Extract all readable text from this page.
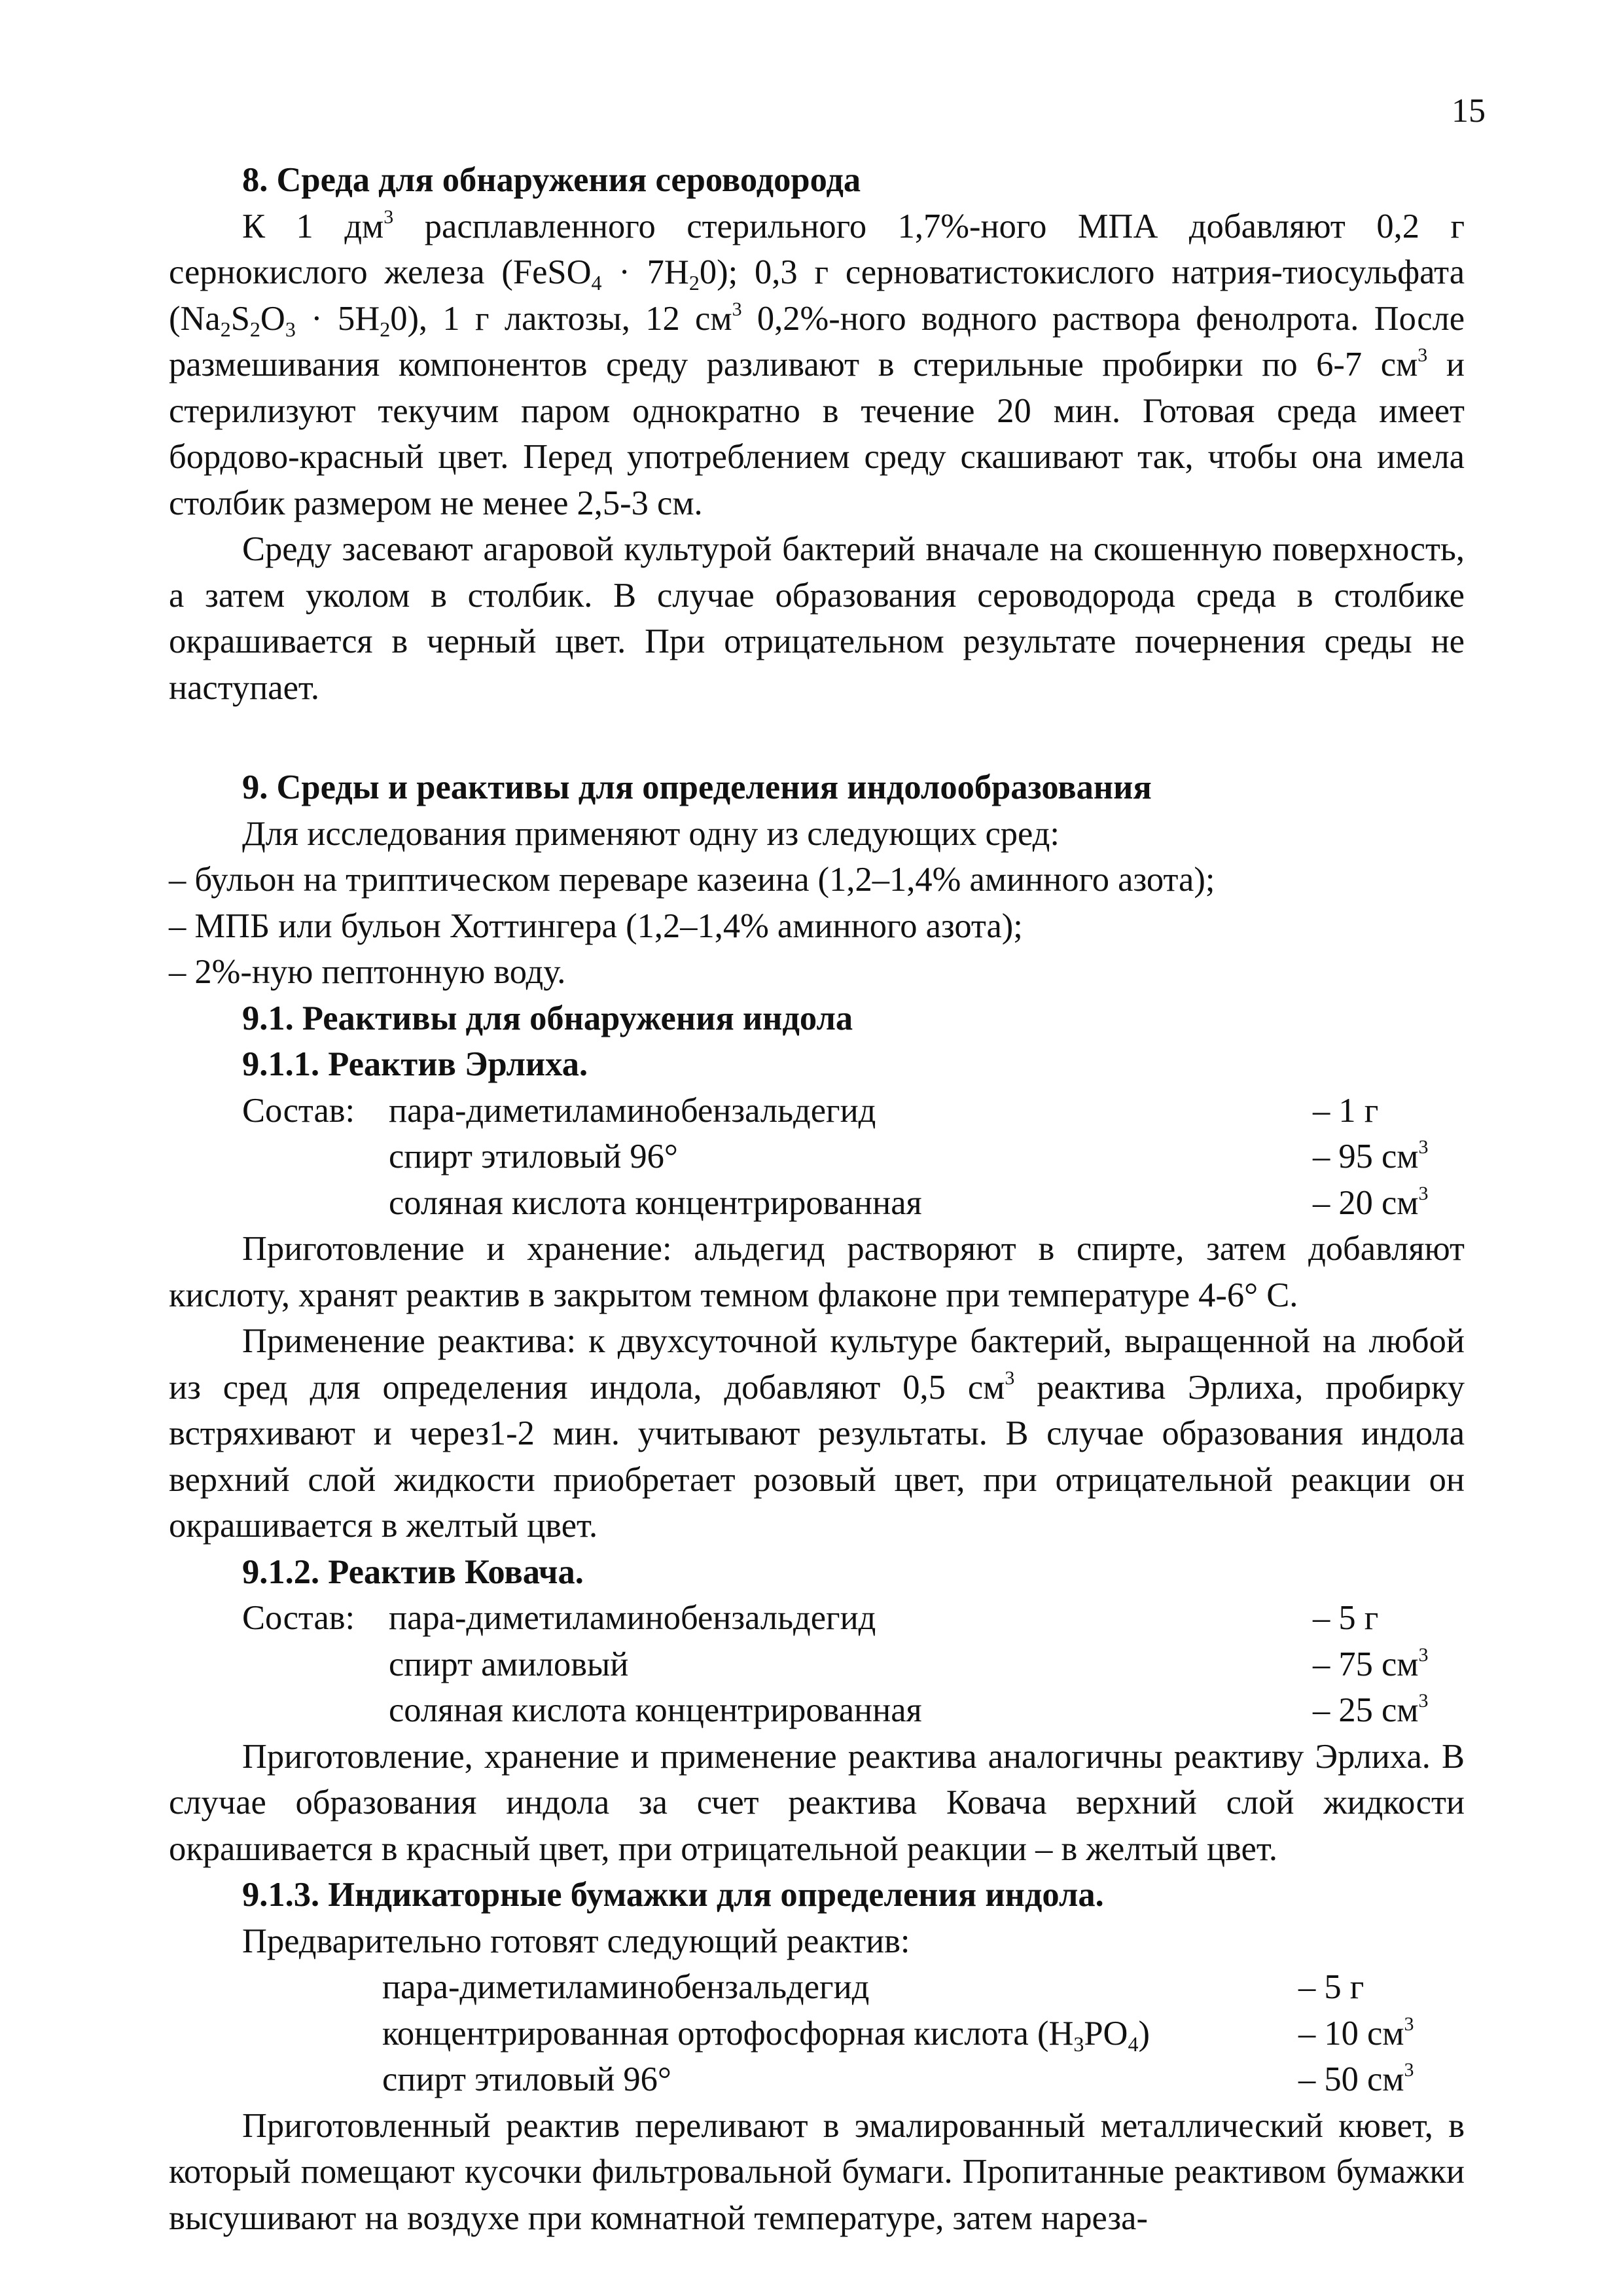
15

8. Среда для обнаружения сероводорода

К 1 $дм^3$ расплавленного стерильного 1,7%-ного МПА добавляют 0,2 г сернокислого железа (FeSO$_4$ · $7H_20$); 0,3 г серноватистокислого натрия-тиосульфата $(Na_2S_2O_3 \cdot 5H_20)$, 1 г лактозы, 12 $см^3$ 0,2%-ного водного раствора фенолрота. После размешивания компонентов среду разливают в стерильные пробирки по 6-7 $см^3$ и стерилизуют текучим паром однократно в течение 20 мин. Готовая среда имеет бордово-красный цвет. Перед употреблением среду скашивают так, чтобы она имела столбик размером не менее 2,5-3 см.

Среду засевают агаровой культурой бактерий вначале на скошенную поверхность, а затем уколом в столбик. В случае образования сероводорода среда в столбике окрашивается в черный цвет. При отрицательном результате почернения среды не наступает.

9. Среды и реактивы для определения индолообразования

Для исследования применяют одну из следующих сред:

– бульон на триптическом переваре казеина (1,2–1,4% аминного азота);

– МПБ или бульон Хоттингера (1,2–1,4% аминного азота);

– 2%-ную пептонную воду.

9.1. Реактивы для обнаружения индола

9.1.1. Реактив Эрлиха.

Состав: пара-диметиламинобензальдегид	– 1 г
спирт этиловый 96°	– 95 $см^3$
соляная кислота концентрированная	– 20 $см^3$

Приготовление и хранение: альдегид растворяют в спирте, затем добавляют кислоту, хранят реактив в закрытом темном флаконе при температуре 4-6° С.

Применение реактива: к двухсуточной культуре бактерий, выращенной на любой из сред для определения индола, добавляют 0,5 $см^3$ реактива Эрлиха, пробирку встряхивают и через1-2 мин. учитывают результаты. В случае образования индола верхний слой жидкости приобретает розовый цвет, при отрицательной реакции он окрашивается в желтый цвет.

9.1.2. Реактив Ковача.

Состав: пара-диметиламинобензальдегид	– 5 г
спирт амиловый	– 75 $см^3$
соляная кислота концентрированная	– 25 $см^3$

Приготовление, хранение и применение реактива аналогичны реактиву Эрлиха. В случае образования индола за счет реактива Ковача верхний слой жидкости окрашивается в красный цвет, при отрицательной реакции – в желтый цвет.

9.1.3. Индикаторные бумажки для определения индола.

Предварительно готовят следующий реактив:

пара-диметиламинобензальдегид	– 5 г
концентрированная ортофосфорная кислота $(H_3PO_4)$	– 10 $см^3$
спирт этиловый 96°	– 50 $см^3$

Приготовленный реактив переливают в эмалированный металлический кювет, в который помещают кусочки фильтровальной бумаги. Пропитанные реактивом бумажки высушивают на воздухе при комнатной температуре, затем нареза-
